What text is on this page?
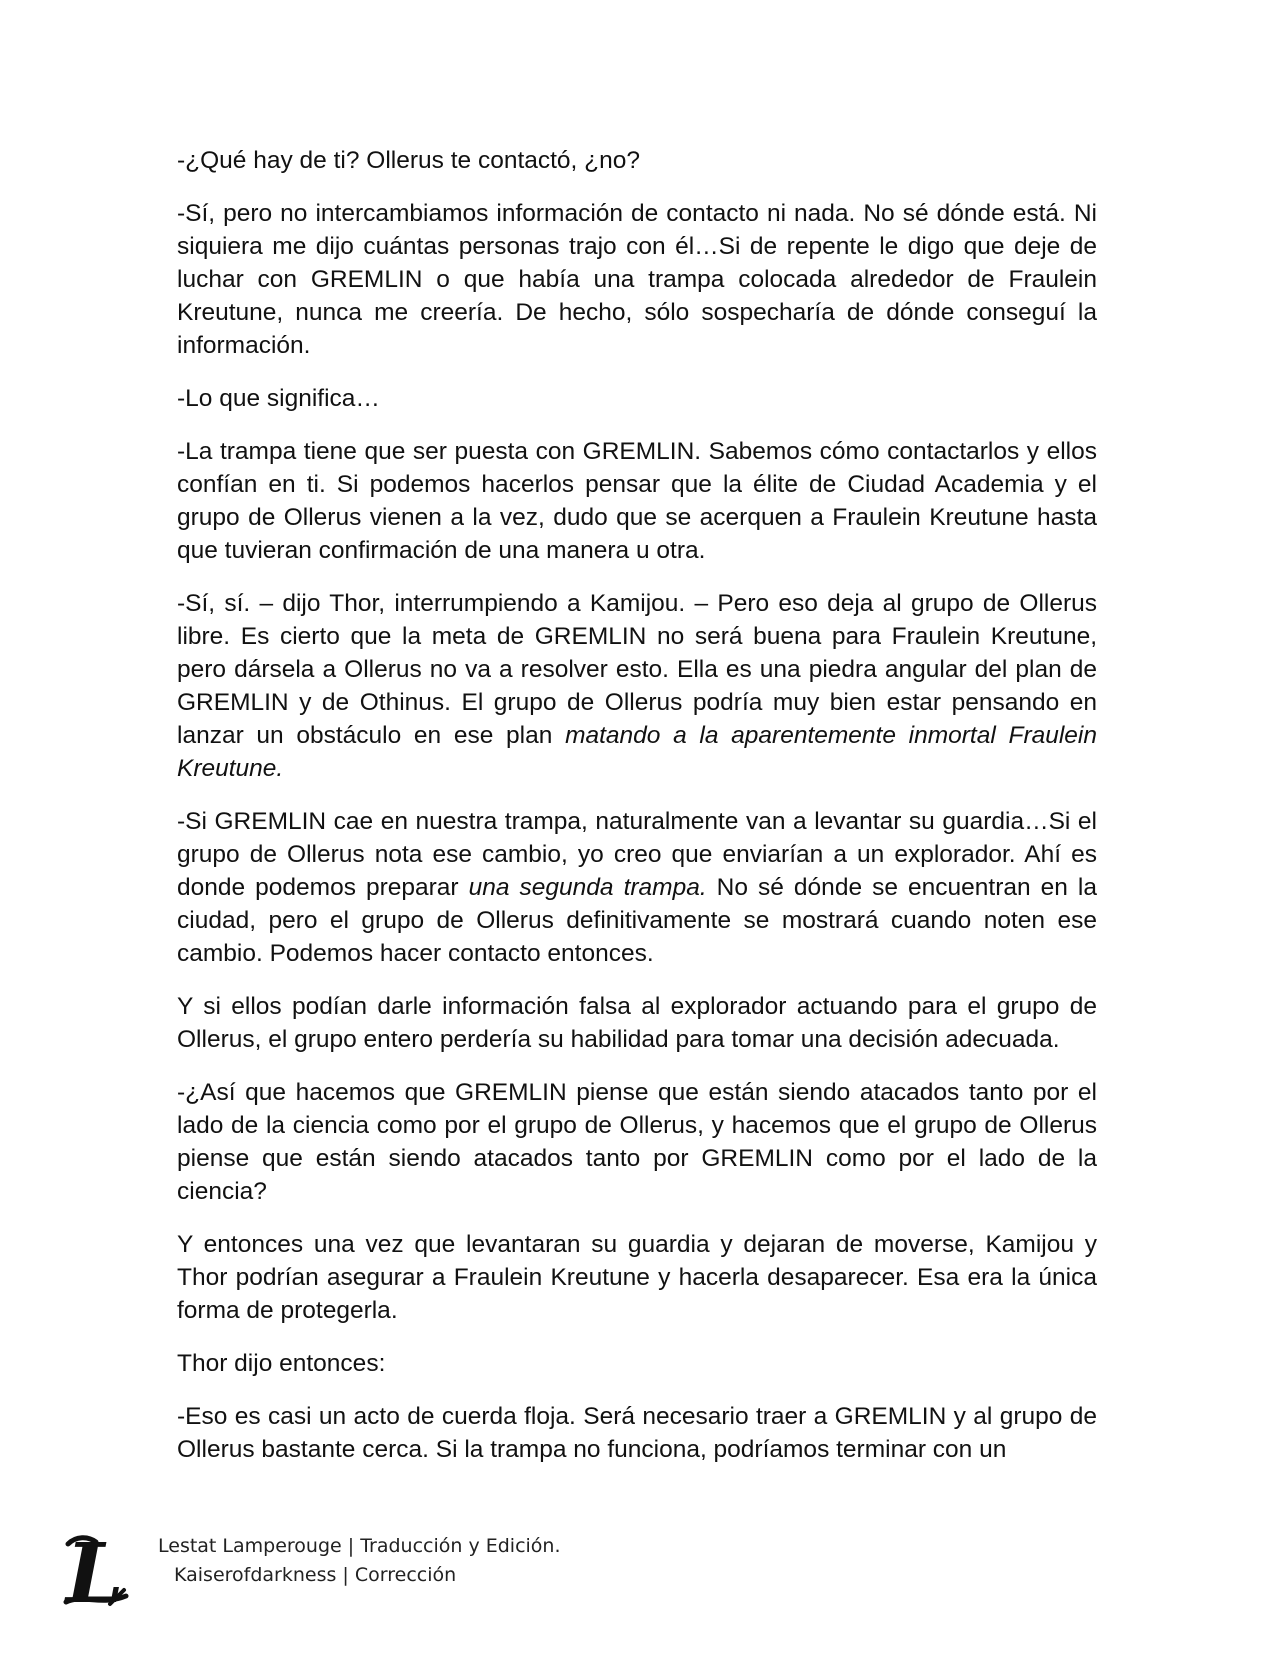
-¿Qué hay de ti? Ollerus te contactó, ¿no?

-Sí, pero no intercambiamos información de contacto ni nada. No sé dónde está. Ni siquiera me dijo cuántas personas trajo con él…Si de repente le digo que deje de luchar con GREMLIN o que había una trampa colocada alrededor de Fraulein Kreutune, nunca me creería. De hecho, sólo sospecharía de dónde conseguí la información.

-Lo que significa…

-La trampa tiene que ser puesta con GREMLIN. Sabemos cómo contactarlos y ellos confían en ti. Si podemos hacerlos pensar que la élite de Ciudad Academia y el grupo de Ollerus vienen a la vez, dudo que se acerquen a Fraulein Kreutune hasta que tuvieran confirmación de una manera u otra.

-Sí, sí. – dijo Thor, interrumpiendo a Kamijou. – Pero eso deja al grupo de Ollerus libre. Es cierto que la meta de GREMLIN no será buena para Fraulein Kreutune, pero dársela a Ollerus no va a resolver esto. Ella es una piedra angular del plan de GREMLIN y de Othinus. El grupo de Ollerus podría muy bien estar pensando en lanzar un obstáculo en ese plan matando a la aparentemente inmortal Fraulein Kreutune.

-Si GREMLIN cae en nuestra trampa, naturalmente van a levantar su guardia…Si el grupo de Ollerus nota ese cambio, yo creo que enviarían a un explorador. Ahí es donde podemos preparar una segunda trampa. No sé dónde se encuentran en la ciudad, pero el grupo de Ollerus definitivamente se mostrará cuando noten ese cambio. Podemos hacer contacto entonces.

Y si ellos podían darle información falsa al explorador actuando para el grupo de Ollerus, el grupo entero perdería su habilidad para tomar una decisión adecuada.

-¿Así que hacemos que GREMLIN piense que están siendo atacados tanto por el lado de la ciencia como por el grupo de Ollerus, y hacemos que el grupo de Ollerus piense que están siendo atacados tanto por GREMLIN como por el lado de la ciencia?

Y entonces una vez que levantaran su guardia y dejaran de moverse, Kamijou y Thor podrían asegurar a Fraulein Kreutune y hacerla desaparecer. Esa era la única forma de protegerla.

Thor dijo entonces:

-Eso es casi un acto de cuerda floja. Será necesario traer a GREMLIN y al grupo de Ollerus bastante cerca. Si la trampa no funciona, podríamos terminar con un

L Lestat Lamperouge | Traducción y Edición.
Kaiserofdarkness | Corrección
